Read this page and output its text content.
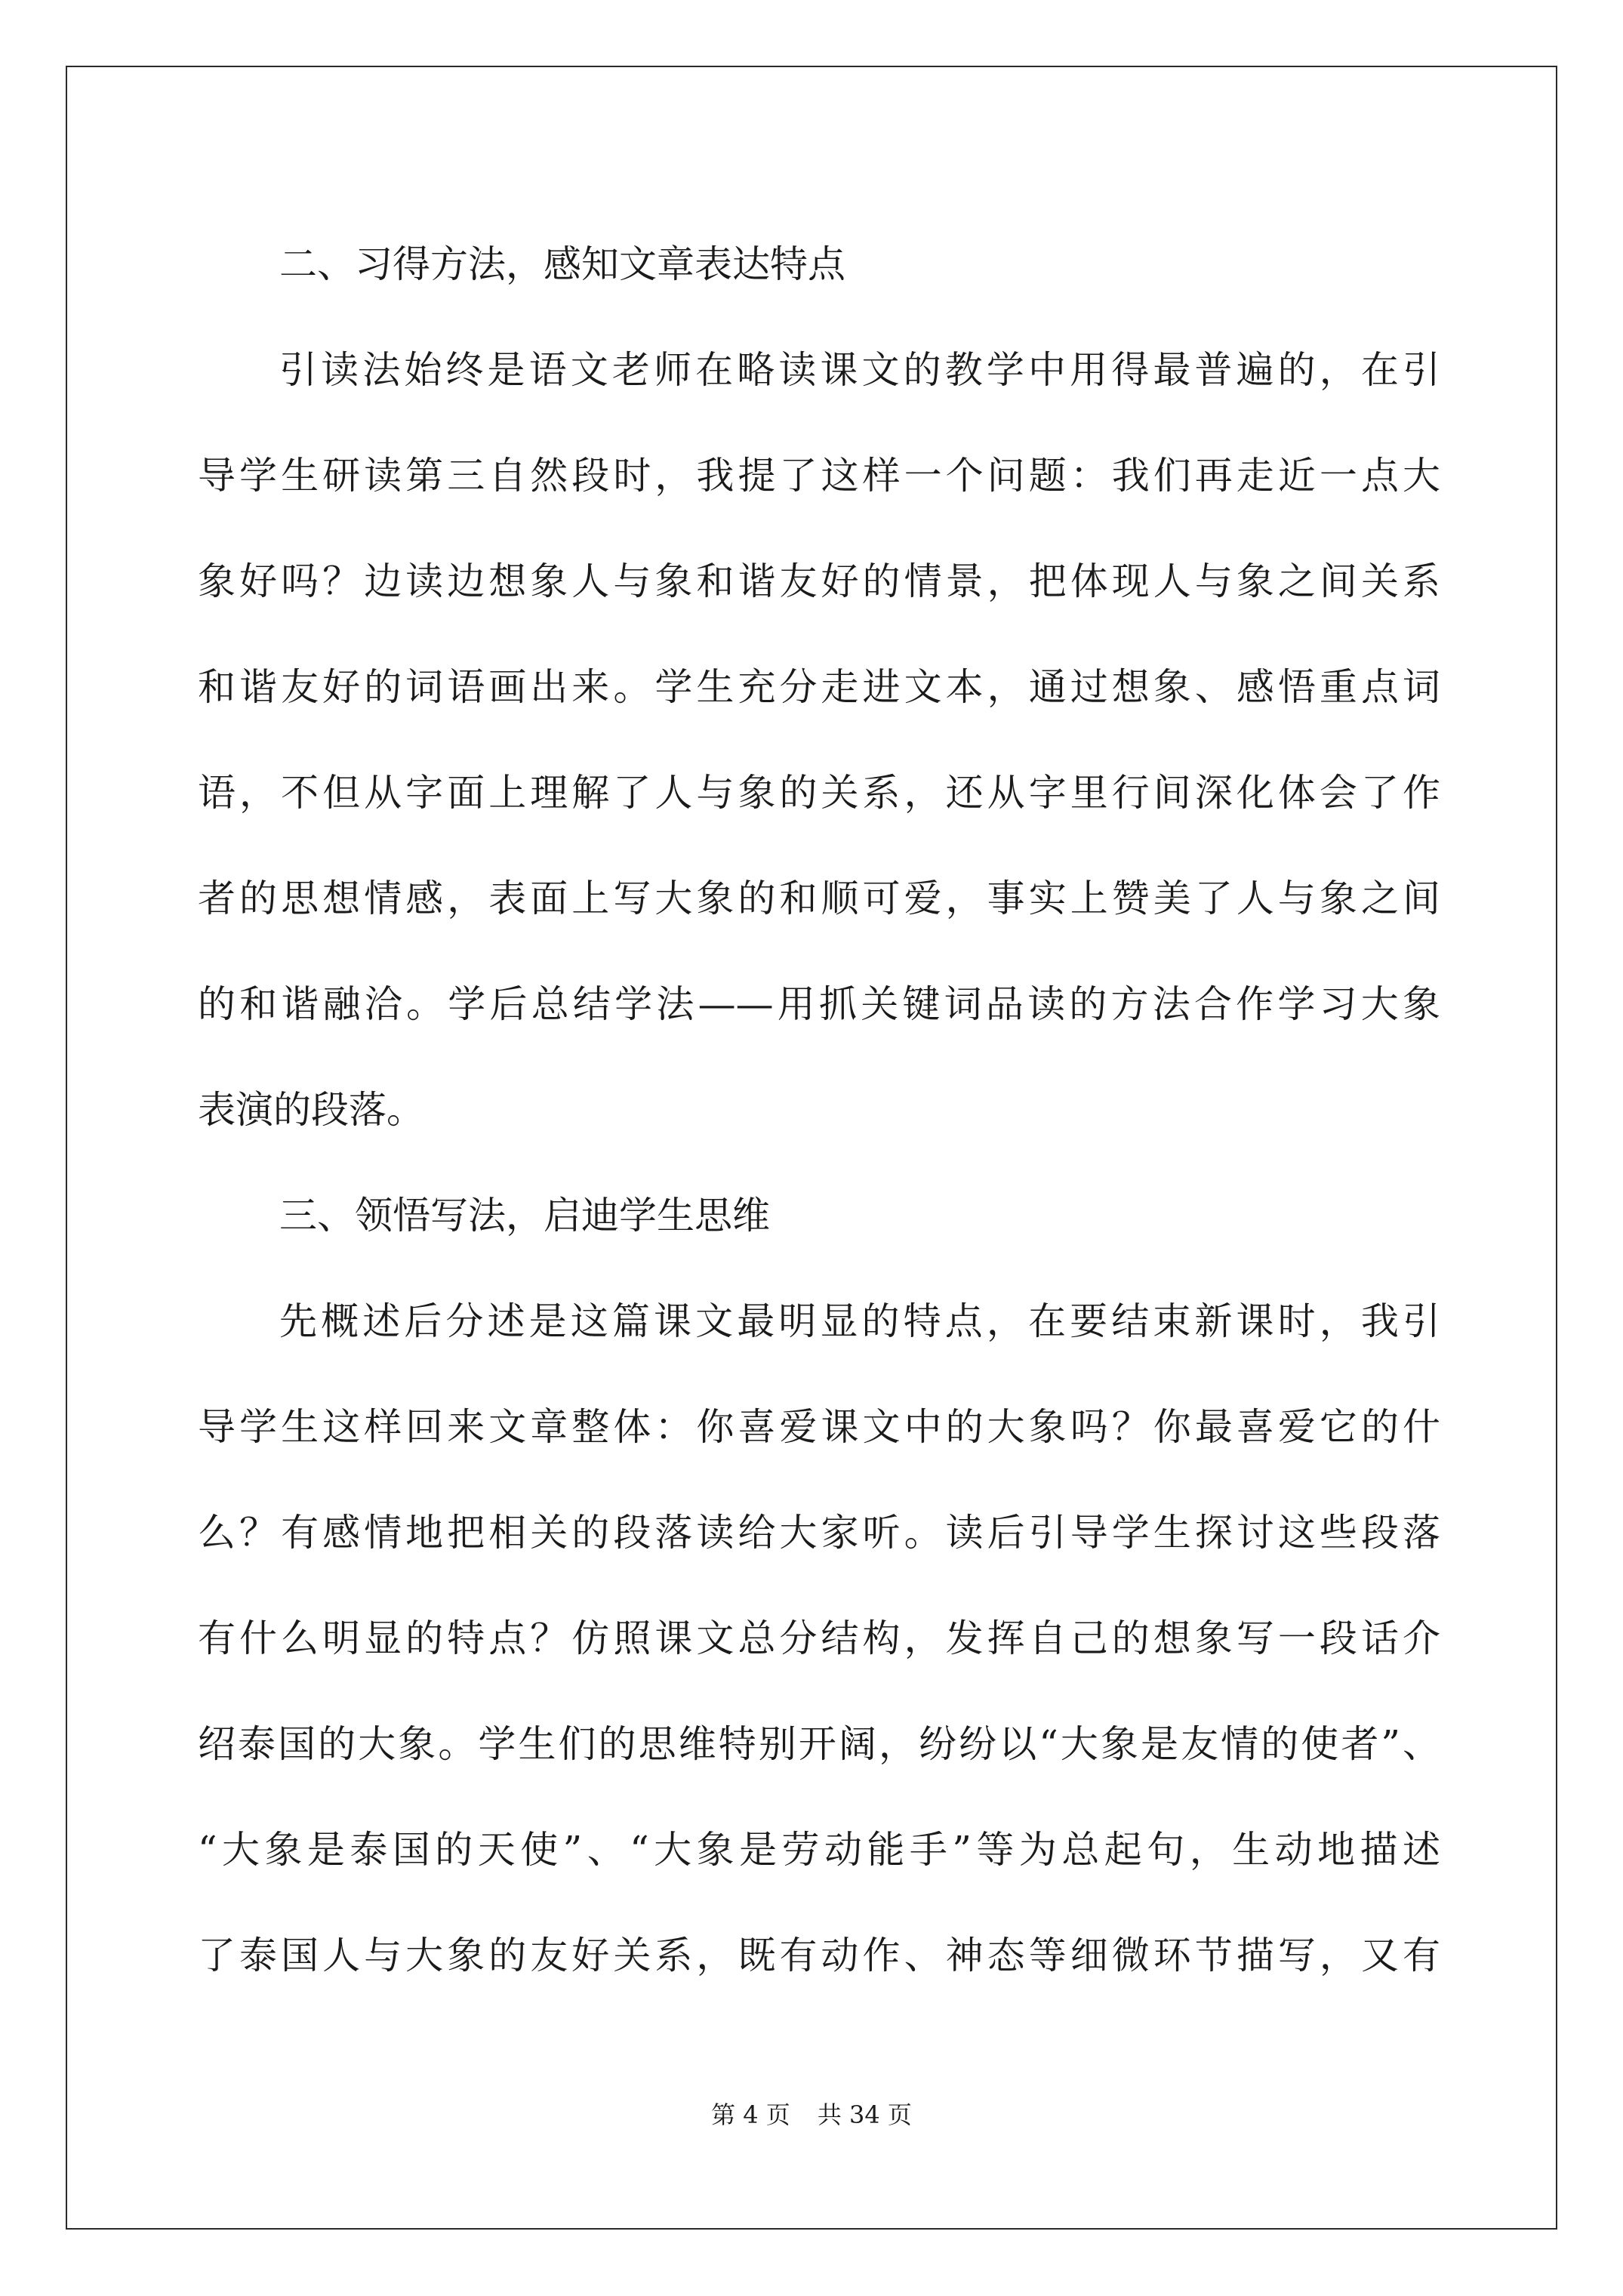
二、习得方法，感知文章表达特点
引读法始终是语文老师在略读课文的教学中用得最普遍的，在引
导学生研读第三自然段时，我提了这样一个问题：我们再走近一点大
象好吗？边读边想象人与象和谐友好的情景，把体现人与象之间关系
和谐友好的词语画出来。学生充分走进文本，通过想象、感悟重点词
语，不但从字面上理解了人与象的关系，还从字里行间深化体会了作
者的思想情感，表面上写大象的和顺可爱，事实上赞美了人与象之间
的和谐融洽。学后总结学法——用抓关键词品读的方法合作学习大象
表演的段落。
三、领悟写法，启迪学生思维
先概述后分述是这篇课文最明显的特点，在要结束新课时，我引
导学生这样回来文章整体：你喜爱课文中的大象吗？你最喜爱它的什
么？有感情地把相关的段落读给大家听。读后引导学生探讨这些段落
有什么明显的特点？仿照课文总分结构，发挥自己的想象写一段话介
绍泰国的大象。学生们的思维特别开阔，纷纷以“大象是友情的使者”、
“大象是泰国的天使”、“大象是劳动能手”等为总起句，生动地描述
了泰国人与大象的友好关系，既有动作、神态等细微环节描写，又有
第 4 页 共 34 页
